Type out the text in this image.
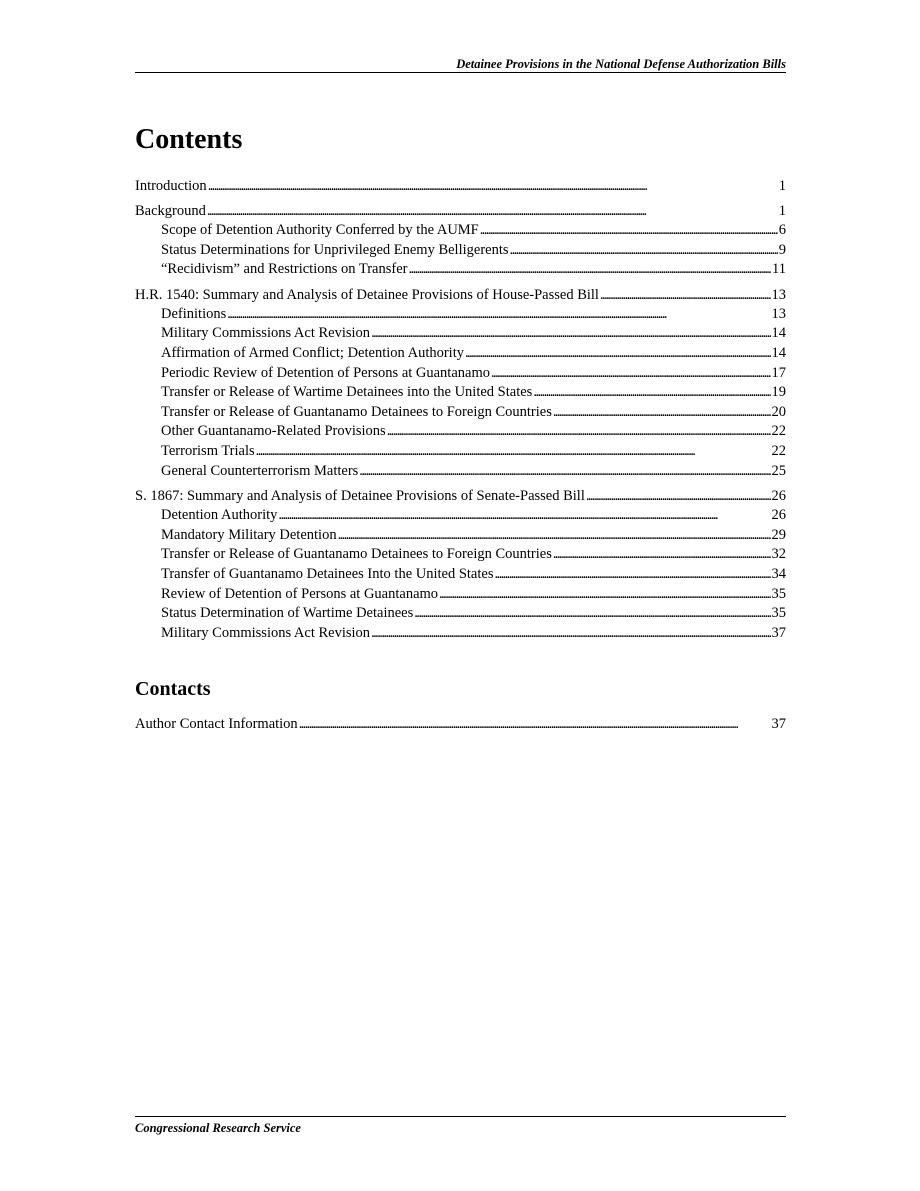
Detainee Provisions in the National Defense Authorization Bills
Contents
Introduction . . .	1
Background . . .	1
Scope of Detention Authority Conferred by the AUMF . . .	6
Status Determinations for Unprivileged Enemy Belligerents . . .	9
“Recidivism” and Restrictions on Transfer . . .	11
H.R. 1540: Summary and Analysis of Detainee Provisions of House-Passed Bill . . .	13
Definitions . . .	13
Military Commissions Act Revision . . .	14
Affirmation of Armed Conflict; Detention Authority . . .	14
Periodic Review of Detention of Persons at Guantanamo . . .	17
Transfer or Release of Wartime Detainees into the United States . . .	19
Transfer or Release of Guantanamo Detainees to Foreign Countries . . .	20
Other Guantanamo-Related Provisions . . .	22
Terrorism Trials . . .	22
General Counterterrorism Matters . . .	25
S. 1867: Summary and Analysis of Detainee Provisions of Senate-Passed Bill . . .	26
Detention Authority . . .	26
Mandatory Military Detention . . .	29
Transfer or Release of Guantanamo Detainees to Foreign Countries . . .	32
Transfer of Guantanamo Detainees Into the United States . . .	34
Review of Detention of Persons at Guantanamo . . .	35
Status Determination of Wartime Detainees . . .	35
Military Commissions Act Revision . . .	37
Contacts
Author Contact Information . . .	37
Congressional Research Service
